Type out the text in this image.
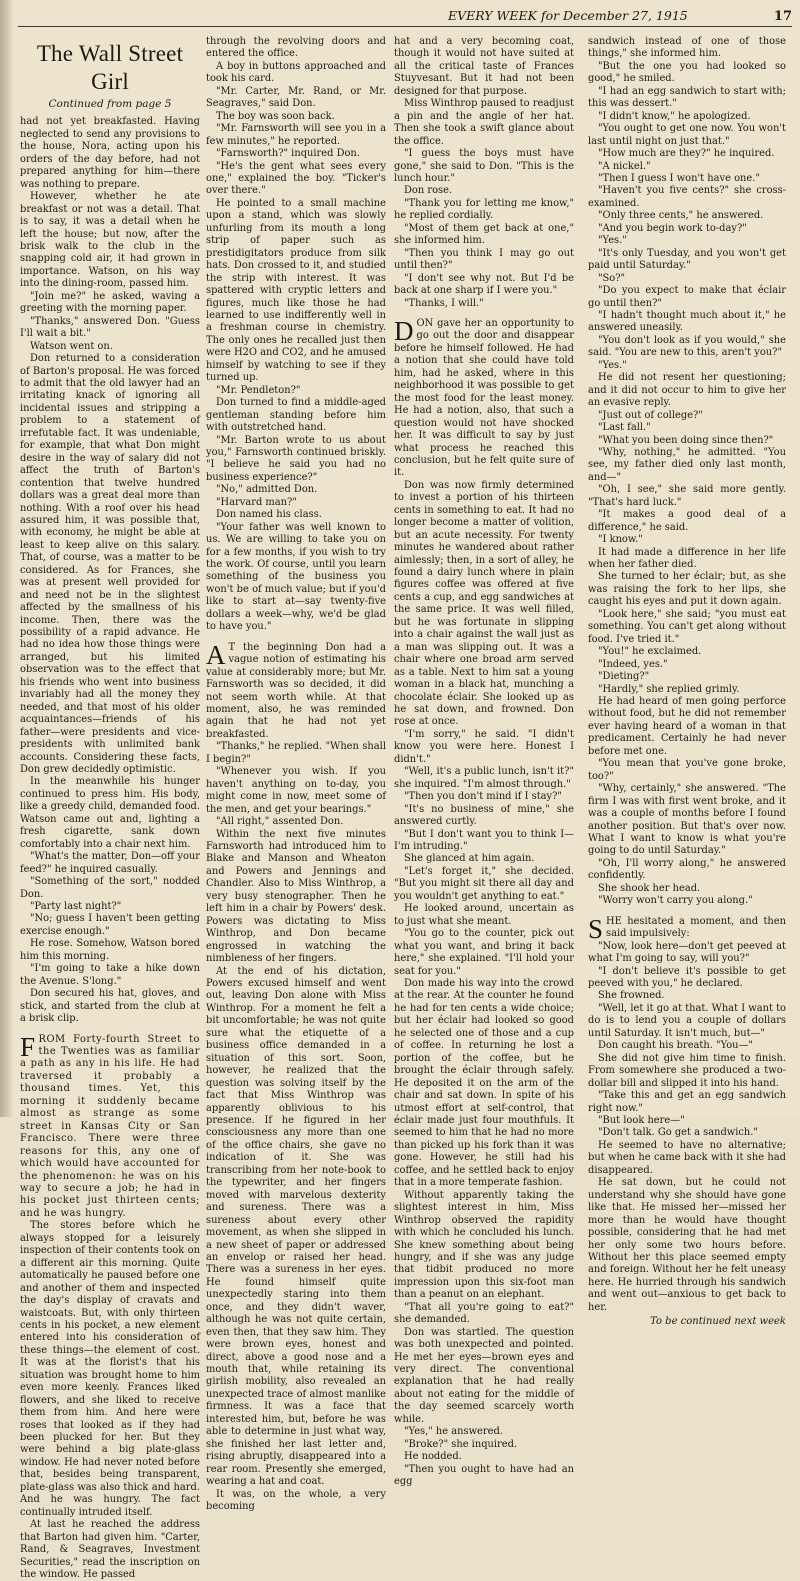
EVERY WEEK for December 27, 1915	17
The Wall Street Girl
Continued from page 5

had not yet breakfasted. Having neglected to send any provisions to the house, Nora, acting upon his orders of the day before, had not prepared anything for him—there was nothing to prepare.

However, whether he ate breakfast or not was a detail. That is to say, it was a detail when he left the house; but now, after the brisk walk to the club in the snapping cold air, it had grown in importance. Watson, on his way into the dining-room, passed him.

"Join me?" he asked, waving a greeting with the morning paper.

"Thanks," answered Don. "Guess I'll wait a bit."

Watson went on.

Don returned to a consideration of Barton's proposal. He was forced to admit that the old lawyer had an irritating knack of ignoring all incidental issues and stripping a problem to a statement of irrefutable fact. It was undeniable, for example, that what Don might desire in the way of salary did not affect the truth of Barton's contention that twelve hundred dollars was a great deal more than nothing. With a roof over his head assured him, it was possible that, with economy, he might be able at least to keep alive on this salary. That, of course, was a matter to be considered. As for Frances, she was at present well provided for and need not be in the slightest affected by the smallness of his income. Then, there was the possibility of a rapid advance. He had no idea how those things were arranged, but his limited observation was to the effect that his friends who went into business invariably had all the money they needed, and that most of his older acquaintances—friends of his father—were presidents and vice-presidents with unlimited bank accounts. Considering these facts, Don grew decidedly optimistic.

In the meanwhile his hunger continued to press him. His body, like a greedy child, demanded food. Watson came out and, lighting a fresh cigarette, sank down comfortably into a chair next him.

"What's the matter, Don—off your feed?" he inquired casually.

"Something of the sort," nodded Don.

"Party last night?"

"No; guess I haven't been getting exercise enough."

He rose. Somehow, Watson bored him this morning.

"I'm going to take a hike down the Avenue. S'long."

Don secured his hat, gloves, and stick, and started from the club at a brisk clip.

FROM Forty-fourth Street to the Twenties was as familiar a path as any in his life. He had traversed it probably a thousand times. Yet, this morning it suddenly became almost as strange as some street in Kansas City or San Francisco. There were three reasons for this, any one of which would have accounted for the phenomenon: he was on his way to secure a job; he had in his pocket just thirteen cents; and he was hungry.

The stores before which he always stopped for a leisurely inspection of their contents took on a different air this morning. Quite automatically he paused before one and another of them and inspected the day's display of cravats and waistcoats. But, with only thirteen cents in his pocket, a new element entered into his consideration of these things—the element of cost. It was at the florist's that his situation was brought home to him even more keenly. Frances liked flowers, and she liked to receive them from him. And here were roses that looked as if they had been plucked for her. But they were behind a big plate-glass window. He had never noted before that, besides being transparent, plate-glass was also thick and hard. And he was hungry. The fact continually intruded itself.

At last he reached the address that Barton had given him. "Carter, Rand, & Seagraves, Investment Securities," read the inscription on the window. He passed

through the revolving doors and entered the office.

A boy in buttons approached and took his card.

"Mr. Carter, Mr. Rand, or Mr. Seagraves," said Don.

The boy was soon back.

"Mr. Farnsworth will see you in a few minutes," he reported.

"Farnsworth?" inquired Don.

"He's the gent what sees every one," explained the boy. "Ticker's over there."

He pointed to a small machine upon a stand, which was slowly unfurling from its mouth a long strip of paper such as prestidigitators produce from silk hats. Don crossed to it, and studied the strip with interest. It was spattered with cryptic letters and figures, much like those he had learned to use indifferently well in a freshman course in chemistry. The only ones he recalled just then were H2O and CO2, and he amused himself by watching to see if they turned up.

"Mr. Pendleton?"

Don turned to find a middle-aged gentleman standing before him with outstretched hand.

"Mr. Barton wrote to us about you," Farnsworth continued briskly. "I believe he said you had no business experience?"

"No," admitted Don.

"Harvard man?"

Don named his class.

"Your father was well known to us. We are willing to take you on for a few months, if you wish to try the work. Of course, until you learn something of the business you won't be of much value; but if you'd like to start at—say twenty-five dollars a week—why, we'd be glad to have you."

AT the beginning Don had a vague notion of estimating his value at considerably more; but Mr. Farnsworth was so decided, it did not seem worth while. At that moment, also, he was reminded again that he had not yet breakfasted.

"Thanks," he replied. "When shall I begin?"

"Whenever you wish. If you haven't anything on to-day, you might come in now, meet some of the men, and get your bearings."

"All right," assented Don.

Within the next five minutes Farnsworth had introduced him to Blake and Manson and Wheaton and Powers and Jennings and Chandler. Also to Miss Winthrop, a very busy stenographer. Then he left him in a chair by Powers' desk. Powers was dictating to Miss Winthrop, and Don became engrossed in watching the nimbleness of her fingers.

At the end of his dictation, Powers excused himself and went out, leaving Don alone with Miss Winthrop. For a moment he felt a bit uncomfortable; he was not quite sure what the etiquette of a business office demanded in a situation of this sort. Soon, however, he realized that the question was solving itself by the fact that Miss Winthrop was apparently oblivious to his presence. If he figured in her consciousness any more than one of the office chairs, she gave no indication of it. She was transcribing from her note-book to the typewriter, and her fingers moved with marvelous dexterity and sureness. There was a sureness about every other movement, as when she slipped in a new sheet of paper or addressed an envelop or raised her head. There was a sureness in her eyes. He found himself quite unexpectedly staring into them once, and they didn't waver, although he was not quite certain, even then, that they saw him. They were brown eyes, honest and direct, above a good nose and a mouth that, while retaining its girlish mobility, also revealed an unexpected trace of almost manlike firmness. It was a face that interested him, but, before he was able to determine in just what way, she finished her last letter and, rising abruptly, disappeared into a rear room. Presently she emerged, wearing a hat and coat.

It was, on the whole, a very becoming

hat and a very becoming coat, though it would not have suited at all the critical taste of Frances Stuyvesant. But it had not been designed for that purpose.

Miss Winthrop paused to readjust a pin and the angle of her hat. Then she took a swift glance about the office.

"I guess the boys must have gone," she said to Don. "This is the lunch hour."

Don rose.

"Thank you for letting me know," he replied cordially.

"Most of them get back at one," she informed him.

"Then you think I may go out until then?"

"I don't see why not. But I'd be back at one sharp if I were you."

"Thanks, I will."

DON gave her an opportunity to go out the door and disappear before he himself followed. He had a notion that she could have told him, had he asked, where in this neighborhood it was possible to get the most food for the least money. He had a notion, also, that such a question would not have shocked her. It was difficult to say by just what process he reached this conclusion, but he felt quite sure of it.

Don was now firmly determined to invest a portion of his thirteen cents in something to eat. It had no longer become a matter of volition, but an acute necessity. For twenty minutes he wandered about rather aimlessly; then, in a sort of alley, he found a dairy lunch where in plain figures coffee was offered at five cents a cup, and egg sandwiches at the same price. It was well filled, but he was fortunate in slipping into a chair against the wall just as a man was slipping out. It was a chair where one broad arm served as a table. Next to him sat a young woman in a black hat, munching a chocolate éclair. She looked up as he sat down, and frowned. Don rose at once.

"I'm sorry," he said. "I didn't know you were here. Honest I didn't."

"Well, it's a public lunch, isn't it?" she inquired. "I'm almost through."

"Then you don't mind if I stay?"

"It's no business of mine," she answered curtly.

"But I don't want you to think I—I'm intruding."

She glanced at him again.

"Let's forget it," she decided. "But you might sit there all day and you wouldn't get anything to eat."

He looked around, uncertain as to just what she meant.

"You go to the counter, pick out what you want, and bring it back here," she explained. "I'll hold your seat for you."

Don made his way into the crowd at the rear. At the counter he found he had for ten cents a wide choice; but her éclair had looked so good he selected one of those and a cup of coffee. In returning he lost a portion of the coffee, but he brought the éclair through safely. He deposited it on the arm of the chair and sat down. In spite of his utmost effort at self-control, that éclair made just four mouthfuls. It seemed to him that he had no more than picked up his fork than it was gone. However, he still had his coffee, and he settled back to enjoy that in a more temperate fashion.

Without apparently taking the slightest interest in him, Miss Winthrop observed the rapidity with which he concluded his lunch. She knew something about being hungry, and if she was any judge that tidbit produced no more impression upon this six-foot man than a peanut on an elephant.

"That all you're going to eat?" she demanded.

Don was startled. The question was both unexpected and pointed. He met her eyes—brown eyes and very direct. The conventional explanation that he had really about not eating for the middle of the day seemed scarcely worth while.

"Yes," he answered.

"Broke?" she inquired.

He nodded.

"Then you ought to have had an egg

sandwich instead of one of those things," she informed him.

"But the one you had looked so good," he smiled.

"I had an egg sandwich to start with; this was dessert."

"I didn't know," he apologized.

"You ought to get one now. You won't last until night on just that."

"How much are they?" he inquired.

"A nickel."

"Then I guess I won't have one."

"Haven't you five cents?" she cross-examined.

"Only three cents," he answered.

"And you begin work to-day?"

"Yes."

"It's only Tuesday, and you won't get paid until Saturday."

"So?"

"Do you expect to make that éclair go until then?"

"I hadn't thought much about it," he answered uneasily.

"You don't look as if you would," she said. "You are new to this, aren't you?"

"Yes."

He did not resent her questioning; and it did not occur to him to give her an evasive reply.

"Just out of college?"

"Last fall."

"What you been doing since then?"

"Why, nothing," he admitted. "You see, my father died only last month, and—"

"Oh, I see," she said more gently. "That's hard luck."

"It makes a good deal of a difference," he said.

"I know."

It had made a difference in her life when her father died.

She turned to her éclair; but, as she was raising the fork to her lips, she caught his eyes and put it down again.

"Look here," she said; "you must eat something. You can't get along without food. I've tried it."

"You!" he exclaimed.

"Indeed, yes."

"Dieting?"

"Hardly," she replied grimly.

He had heard of men going perforce without food, but he did not remember ever having heard of a woman in that predicament. Certainly he had never before met one.

"You mean that you've gone broke, too?"

"Why, certainly," she answered. "The firm I was with first went broke, and it was a couple of months before I found another position. But that's over now. What I want to know is what you're going to do until Saturday."

"Oh, I'll worry along," he answered confidently.

She shook her head.

"Worry won't carry you along."

SHE hesitated a moment, and then said impulsively:

"Now, look here—don't get peeved at what I'm going to say, will you?"

"I don't believe it's possible to get peeved with you," he declared.

She frowned.

"Well, let it go at that. What I want to do is to lend you a couple of dollars until Saturday. It isn't much, but—"

Don caught his breath. "You—"

She did not give him time to finish. From somewhere she produced a two-dollar bill and slipped it into his hand.

"Take this and get an egg sandwich right now."

"But look here—"

"Don't talk. Go get a sandwich."

He seemed to have no alternative; but when he came back with it she had disappeared.

He sat down, but he could not understand why she should have gone like that. He missed her—missed her more than he would have thought possible, considering that he had met her only some two hours before. Without her this place seemed empty and foreign. Without her he felt uneasy here. He hurried through his sandwich and went out—anxious to get back to her.

To be continued next week
